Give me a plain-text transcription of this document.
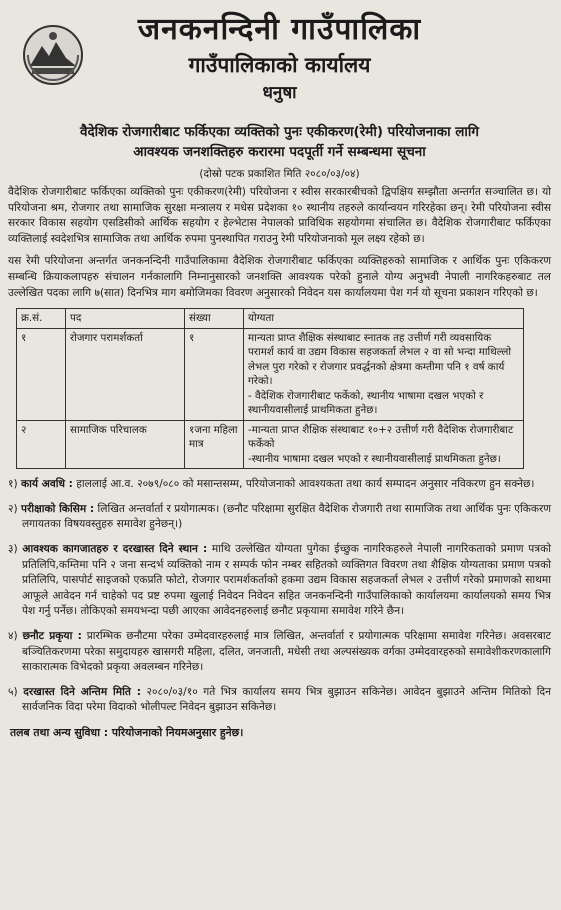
जनकनन्दिनी गाउँपालिका
गाउँपालिकाको कार्यालय
धनुषा
वैदेशिक रोजगारीबाट फर्किएका व्यक्तिको पुनः एकीकरण(रेमी) परियोजनाका लागि
आवश्यक जनशक्तिहरु करारमा पदपूर्ती गर्ने सम्बन्धमा सूचना
(दोस्रो पटक प्रकाशित मिति २०८०/०३/०४)

वैदेशिक रोजगारीबाट फर्किएका व्यक्तिको पुनः एकीकरण(रेमी) परियोजना र स्वीस सरकारबीचको द्विपक्षिय सम्झौता अन्तर्गत सञ्चालित छ। यो परियोजना श्रम, रोजगार तथा सामाजिक सुरक्षा मन्त्रालय र मधेस प्रदेशका १० स्थानीय तहरुले कार्यान्वयन गरिरहेका छन्। रेमी परियोजना स्वीस सरकार विकास सहयोग एसडिसीको आर्थिक सहयोग र हेल्भेटास नेपालको प्राविधिक सहयोगमा संचालित छ। वैदेशिक रोजगारीबाट फर्किएका व्यक्तिलाई स्वदेशभित्र सामाजिक तथा आर्थिक रुपमा पुनस्थापित गराउनु रेमी परियोजनाको मूल लक्ष्य रहेको छ।

यस रेमी परियोजना अन्तर्गत जनकनन्दिनी गाउँपालिकामा वैदेशिक रोजगारीबाट फर्किएका व्यक्तिहरुको सामाजिक र आर्थिक पुनः एकिकरण सम्बन्धि क्रियाकलापहरु संचालन गर्नकालागि निम्नानुसारको जनशक्ति आवश्यक परेको हुनाले योग्य अनुभवी नेपाली नागरिकहरुबाट तल उल्लेखित पदका लागि ७(सात) दिनभित्र माग बमोजिमका विवरण अनुसारको निवेदन यस कार्यालयमा पेश गर्न यो सूचना प्रकाशन गरिएको छ।

क्र.सं.	पद	संख्या	योग्यता
१	रोजगार परामर्शकर्ता	१	मान्यता प्राप्त शैक्षिक संस्थाबाट स्नातक तह उत्तीर्ण गरी व्यवसायिक परामर्श कार्य वा उद्यम विकास सहजकर्ता लेभल २ वा सो भन्दा माथिल्लो लेभल पुरा गरेको र रोजगार प्रवर्द्धनको क्षेत्रमा कम्तीमा पनि १ वर्ष कार्य गरेको।
- वैदेशिक रोजगारीबाट फर्केको, स्थानीय भाषामा दखल भएको र स्थानीयवासीलाई प्राथमिकता हुनेछ।

२	सामाजिक परिचालक	१जना महिला मात्र	-मान्यता प्राप्त शैक्षिक संस्थाबाट १०+२ उत्तीर्ण गरी वैदेशिक रोजगारीबाट फर्केको
-स्थानीय भाषामा दखल भएको र स्थानीयवासीलाई प्राथमिकता हुनेछ।
१) कार्य अवधि : हाललाई आ.व. २०७९/०८० को मसान्तसम्म, परियोजनाको आवश्यकता तथा कार्य सम्पादन अनुसार नविकरण हुन सक्नेछ।
२) परीक्षाको किसिम : लिखित अन्तर्वार्ता र प्रयोगात्मक। (छनौट परिक्षामा सुरक्षित वैदेशिक रोजगारी तथा सामाजिक तथा आर्थिक पुनः एकिकरण लगायतका विषयवस्तुहरु समावेश हुनेछन्।)
३) आवश्यक कागजातहरु र दरखास्त दिने स्थान : माथि उल्लेखित योग्यता पुगेका ईच्छुक नागरिकहरुले नेपाली नागरिकताको प्रमाण पत्रको प्रतिलिपि,कम्तिमा पनि २ जना सन्दर्भ व्यक्तिको नाम र सम्पर्क फोन नम्बर सहितको व्यक्तिगत विवरण तथा शैक्षिक योग्यताका प्रमाण पत्रको प्रतिलिपि, पासपोर्ट साइजको एकप्रति फोटो, रोजगार परामर्शकर्ताको हकमा उद्यम विकास सहजकर्ता लेभल २ उत्तीर्ण गरेको प्रमाणको साथमा आफूले आवेदन गर्न चाहेको पद प्रष्ट रुपमा खुलाई निवेदन निवेदन सहित जनकनन्दिनी गाउँपालिकाको कार्यालयमा कार्यालयको समय भित्र पेश गर्नु पर्नेछ। तोकिएको समयभन्दा पछी आएका आवेदनहरुलाई छनौट प्रकृयामा समावेश गरिने छैन।
४) छनौट प्रकृया : प्रारम्भिक छनौटमा परेका उम्मेदवारहरुलाई मात्र लिखित, अन्तर्वार्ता र प्रयोगात्मक परिक्षामा समावेश गरिनेछ। अवसरबाट बञ्चितिकरणमा परेका समुदायहरु खासगरी महिला, दलित, जनजाती, मधेसी तथा अल्पसंख्यक वर्गका उम्मेदवारहरुको समावेशीकरणकालागि साकारात्मक विभेदको प्रकृया अवलम्बन गरिनेछ।
५) दरखास्त दिने अन्तिम मिति : २०८०/०३/१० गते भित्र कार्यालय समय भित्र बुझाउन सकिनेछ। आवेदन बुझाउने अन्तिम मितिको दिन सार्वजनिक विदा परेमा विदाको भोलीपल्ट निवेदन बुझाउन सकिनेछ।
तलब तथा अन्य सुविधा : परियोजनाको नियमअनुसार हुनेछ।
